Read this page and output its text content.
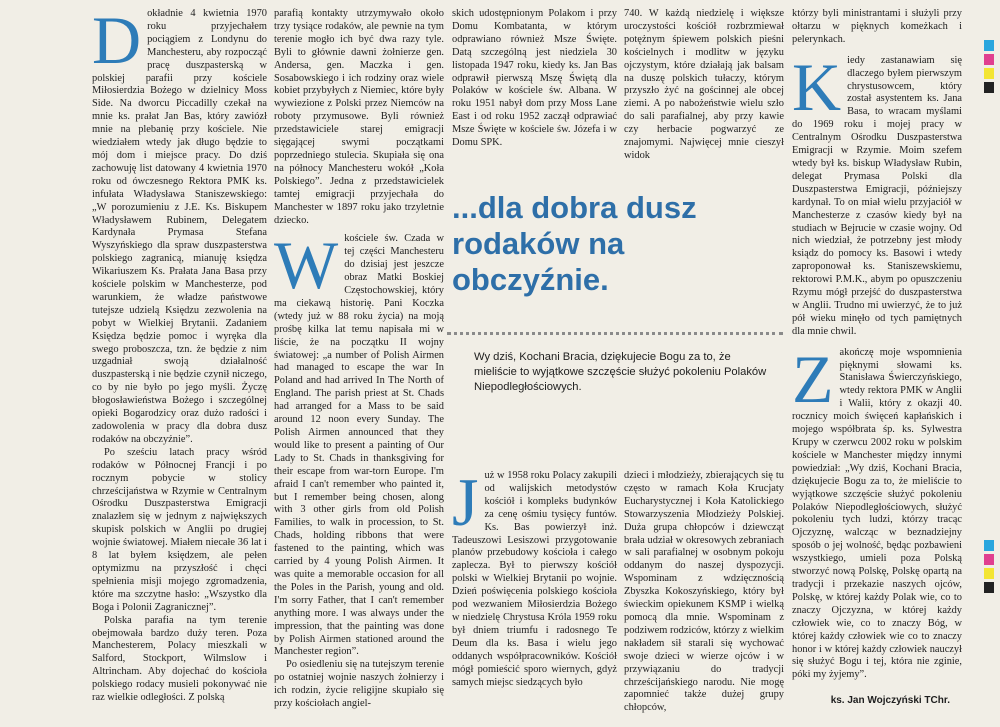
D okładnie 4 kwietnia 1970 roku przyjechałem pociągiem z Londynu do Manchesteru, aby rozpocząć pracę duszpasterską w polskiej parafii przy kościele Miłosierdzia Bożego w dzielnicy Moss Side. Na dworcu Piccadilly czekał na mnie ks. prałat Jan Bas, który zawiózł mnie na plebanię przy kościele. Nie wiedziałem wtedy jak długo będzie to mój dom i miejsce pracy. Do dziś zachowuję list datowany 4 kwietnia 1970 roku od ówczesnego Rektora PMK ks. infułata Władysława Staniszewskiego: „W porozumieniu z J.E. Ks. Biskupem Władysławem Rubinem, Delegatem Kardynała Prymasa Stefana Wyszyńskiego dla spraw duszpasterstwa polskiego zagranicą, mianuję księdza Wikariuszem Ks. Prałata Jana Basa przy kościele polskim w Manchesterze, pod warunkiem, że władze państwowe tutejsze udzielą Księdzu zezwolenia na pobyt w Wielkiej Brytanii. Zadaniem Księdza będzie pomoc i wyręka dla swego proboszcza, tzn. że będzie z nim uzgadniał swoją działalność duszpasterską i nie będzie czynił niczego, co by nie było po jego myśli. Życzę błogosławieństwa Bożego i szczególnej opieki Bogarodzicy oraz dużo radości i zadowolenia w pracy dla dobra dusz rodaków na obczyźnie”.

Po sześciu latach pracy wśród rodaków w Północnej Francji i po rocznym pobycie w stolicy chrześcijaństwa w Rzymie w Centralnym Ośrodku Duszpasterstwa Emigracji znalazłem się w jednym z największych skupisk polskich w Anglii po drugiej wojnie światowej. Miałem niecałe 36 lat i 8 lat byłem księdzem, ale pełen optymizmu na przyszłość i chęci spełnienia misji mojego zgromadzenia, które ma szczytne hasło: „Wszystko dla Boga i Polonii Zagranicznej”.

Polska parafia na tym terenie obejmowała bardzo duży teren. Poza Manchesterem, Polacy mieszkali w Salford, Stockport, Wilmslow i Altrincham. Aby dojechać do kościoła polskiego rodacy musieli pokonywać nie raz wielkie odległości. Z polską

parafią kontakty utrzymywało około trzy tysiące rodaków, ale pewnie na tym terenie mogło ich być dwa razy tyle. Byli to głównie dawni żołnierze gen. Andersa, gen. Maczka i gen. Sosabowskiego i ich rodziny oraz wiele kobiet przybyłych z Niemiec, które były wywiezione z Polski przez Niemców na roboty przymusowe. Byli również przedstawiciele starej emigracji sięgającej swymi początkami poprzedniego stulecia. Skupiała się ona na północy Manchesteru wokół „Koła Polskiego”. Jedna z przedstawicielek tamtej emigracji przyjechała do Manchester w 1897 roku jako trzyletnie dziecko.

W kościele św. Czada w tej części Manchesteru do dzisiaj jest jeszcze obraz Matki Boskiej Częstochowskiej, który ma ciekawą historię. Pani Koczka (wtedy już w 88 roku życia) na moją prośbę kilka lat temu napisała mi w liście, że na początku II wojny światowej: „a number of Polish Airmen had managed to escape the war In Poland and had arrived In The North of England. The parish priest at St. Chads had arranged for a Mass to be said around 12 noon every Sunday. The Polish Airmen announced that they would like to present a painting of Our Lady to St. Chads in thanksgiving for their escape from war-torn Europe. I'm afraid I can't remember who painted it, but I remember being chosen, along with 3 other girls from old Polish Families, to walk in procession, to St. Chads, holding ribbons that were fastened to the painting, which was carried by 4 young Polish Airmen. It was quite a memorable occasion for all the Poles in the Parish, young and old. I'm sorry Father, that I can't remember anything more. I was always under the impression, that the painting was done by Polish Airmen stationed around the Manchester region”.

Po osiedleniu się na tutejszym terenie po ostatniej wojnie naszych żołnierzy i ich rodzin, życie religijne skupiało się przy kościołach angiel-

skich udostępnionym Polakom i przy Domu Kombatanta, w którym odprawiano również Msze Święte. Datą szczególną jest niedziela 30 listopada 1947 roku, kiedy ks. Jan Bas odprawił pierwszą Mszę Świętą dla Polaków w kościele św. Albana. W roku 1951 nabył dom przy Moss Lane East i od roku 1952 zaczął odprawiać Msze Święte w kościele św. Józefa i w Domu SPK.

740. W każdą niedzielę i większe uroczystości kościół rozbrzmiewał potężnym śpiewem polskich pieśni kościelnych i modlitw w języku ojczystym, które działają jak balsam na duszę polskich tułaczy, którym przyszło żyć na gościnnej ale obcej ziemi. A po nabożeństwie wielu szło do sali parafialnej, aby przy kawie czy herbacie pogwarzyć ze znajomymi. Najwięcej mnie cieszył widok

którzy byli ministrantami i służyli przy ołtarzu w pięknych komeżkach i pelerynkach.

K iedy zastanawiam się dlaczego byłem pierwszym chrystusowcem, który został asystentem ks. Jana Basa, to wracam myślami do 1969 roku i mojej pracy w Centralnym Ośrodku Duszpasterstwa Emigracji w Rzymie. Moim szefem wtedy był ks. biskup Władysław Rubin, delegat Prymasa Polski dla Duszpasterstwa Emigracji, późniejszy kardynał. To on miał wielu przyjaciół w Manchesterze z czasów kiedy był na studiach w Bejrucie w czasie wojny. Od nich wiedział, że potrzebny jest młody ksiądz do pomocy ks. Basowi i wtedy zaproponował ks. Staniszewskiemu, rektorowi P.M.K., abym po opuszczeniu Rzymu mógł przejść do duszpasterstwa w Anglii. Trudno mi uwierzyć, że to już pół wieku minęło od tych pamiętnych dla mnie chwil.

Z akończę moje wspomnienia pięknymi słowami ks. Stanisława Świerczyńskiego, wtedy rektora PMK w Anglii i Walii, który z okazji 40. rocznicy moich święceń kapłańskich i mojego współbrata śp. ks. Sylwestra Krupy w czerwcu 2002 roku w polskim kościele w Manchester między innymi powiedział: „Wy dziś, Kochani Bracia, dziękujecie Bogu za to, że mieliście to wyjątkowe szczęście służyć pokoleniu Polaków Niepodległościowych, służyć pokoleniu tych ludzi, którzy tracąc Ojczyznę, walcząc w beznadziejny sposób o jej wolność, będąc pozbawieni wszystkiego, umieli poza Polską stworzyć nową Polskę, Polskę opartą na tradycji i przekazie naszych ojców, Polskę, w której każdy Polak wie, co to znaczy Ojczyzna, w której każdy człowiek wie, co to znaczy Bóg, w której każdy człowiek wie co to znaczy honor i w której każdy człowiek nauczył się służyć Bogu i tej, która nie zginie, póki my żyjemy”.

...dla dobra dusz rodaków na obczyźnie.
Wy dziś, Kochani Bracia, dziękujecie Bogu za to, że mieliście to wyjątkowe szczęście służyć pokoleniu Polaków Niepodległościowych.
J uż w 1958 roku Polacy zakupili od walijskich metodystów kościół i kompleks budynków za cenę ośmiu tysięcy funtów. Ks. Bas powierzył inż. Tadeuszowi Lesiszowi przygotowanie planów przebudowy kościoła i całego zaplecza. Był to pierwszy kościół polski w Wielkiej Brytanii po wojnie. Dzień poświęcenia polskiego kościoła pod wezwaniem Miłosierdzia Bożego w niedzielę Chrystusa Króla 1959 roku był dniem triumfu i radosnego Te Deum dla ks. Basa i wielu jego oddanych współpracowników. Kościół mógł pomieścić sporo wiernych, gdyż samych miejsc siedzących było

dzieci i młodzieży, zbierających się tu często w ramach Koła Krucjaty Eucharystycznej i Koła Katolickiego Stowarzyszenia Młodzieży Polskiej. Duża grupa chłopców i dziewcząt brała udział w okresowych zebraniach w sali parafialnej w osobnym pokoju oddanym do naszej dyspozycji. Wspominam z wdzięcznością Zbyszka Kokoszyńskiego, który był świeckim opiekunem KSMP i wielką pomocą dla mnie. Wspominam z podziwem rodziców, którzy z wielkim nakładem sił starali się wychować swoje dzieci w wierze ojców i w przywiązaniu do tradycji chrześcijańskiego narodu. Nie mogę zapomnieć także dużej grupy chłopców,

ks. Jan Wojczyński TChr.
